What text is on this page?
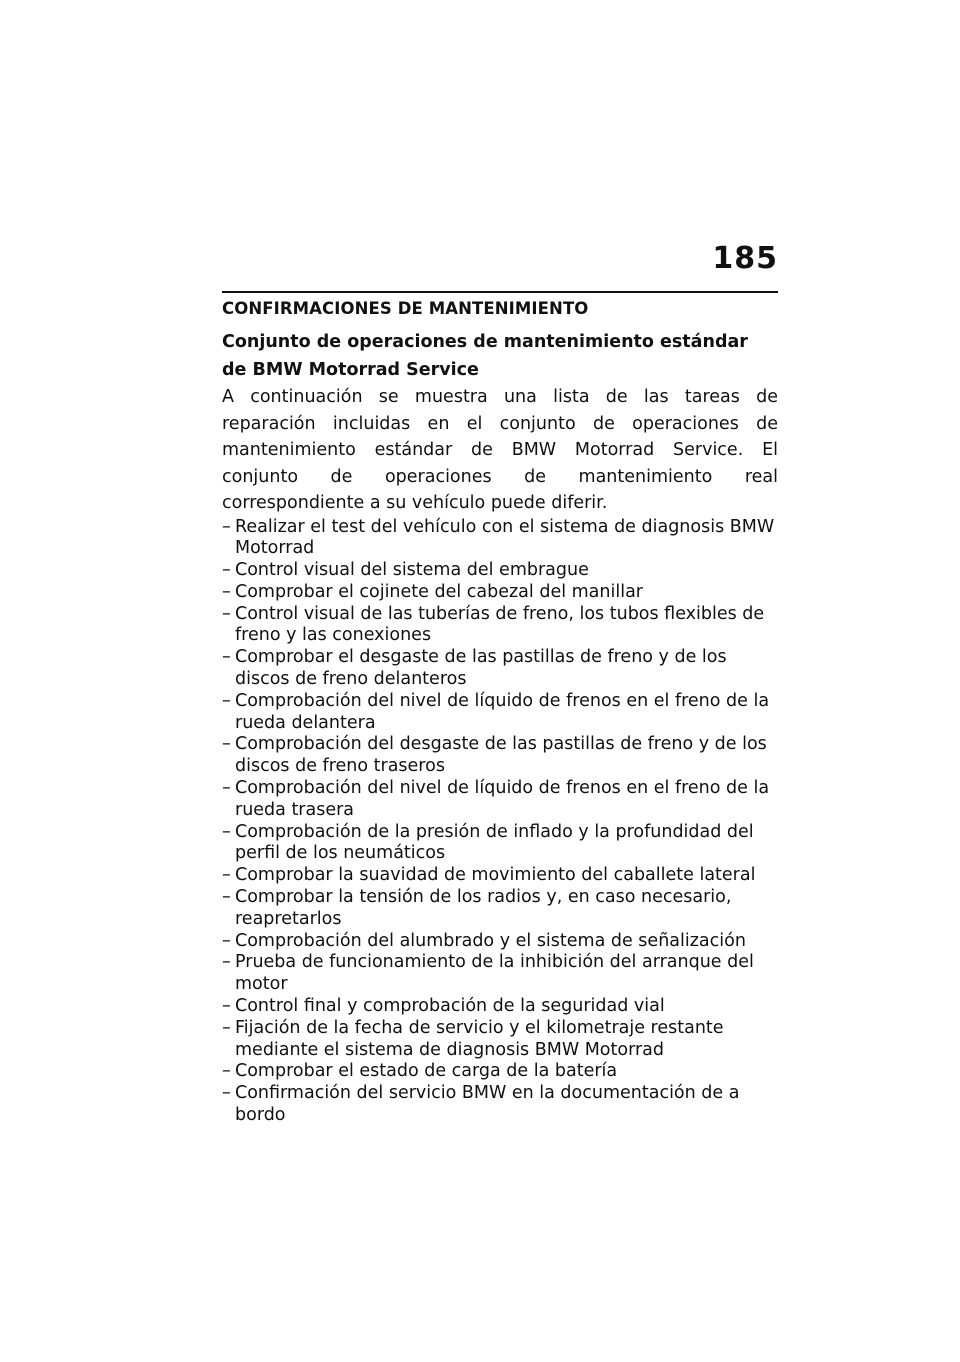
185
CONFIRMACIONES DE MANTENIMIENTO
Conjunto de operaciones de mantenimiento estándar de BMW Motorrad Service

A continuación se muestra una lista de las tareas de reparación incluidas en el conjunto de operaciones de mantenimiento estándar de BMW Motorrad Service. El conjunto de operaciones de mantenimiento real correspondiente a su vehículo puede diferir.

– Realizar el test del vehículo con el sistema de diagnosis BMW Motorrad
– Control visual del sistema del embrague
– Comprobar el cojinete del cabezal del manillar
– Control visual de las tuberías de freno, los tubos flexibles de freno y las conexiones
– Comprobar el desgaste de las pastillas de freno y de los discos de freno delanteros
– Comprobación del nivel de líquido de frenos en el freno de la rueda delantera
– Comprobación del desgaste de las pastillas de freno y de los discos de freno traseros
– Comprobación del nivel de líquido de frenos en el freno de la rueda trasera
– Comprobación de la presión de inflado y la profundidad del perfil de los neumáticos
– Comprobar la suavidad de movimiento del caballete lateral
– Comprobar la tensión de los radios y, en caso necesario, reapretarlos
– Comprobación del alumbrado y el sistema de señalización
– Prueba de funcionamiento de la inhibición del arranque del motor
– Control final y comprobación de la seguridad vial
– Fijación de la fecha de servicio y el kilometraje restante mediante el sistema de diagnosis BMW Motorrad
– Comprobar el estado de carga de la batería
– Confirmación del servicio BMW en la documentación de a bordo
